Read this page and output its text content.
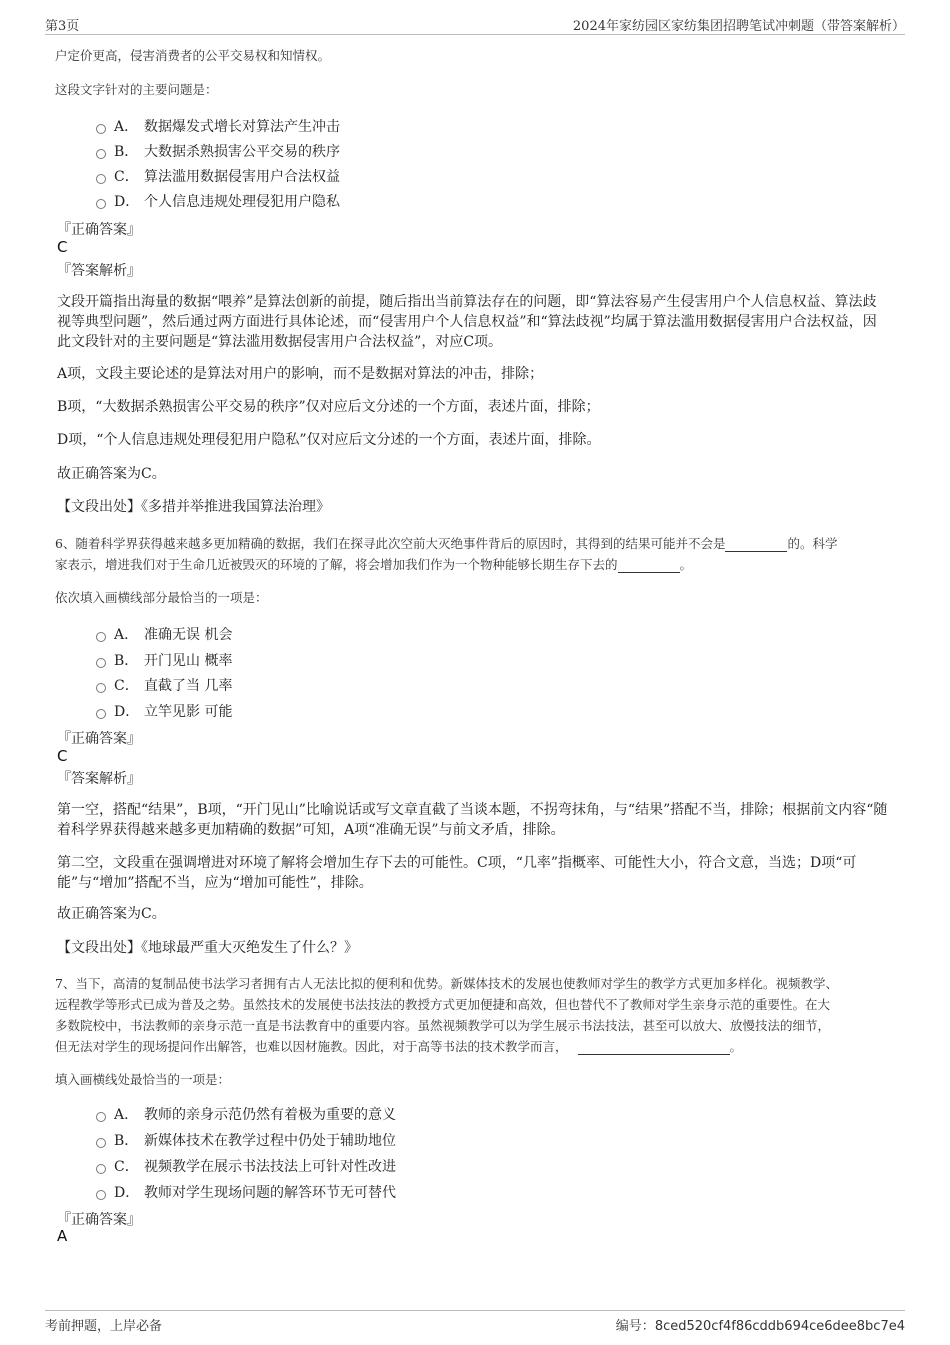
第3页	2024年家纺园区家纺集团招聘笔试冲刺题（带答案解析）
户定价更高，侵害消费者的公平交易权和知情权。
这段文字针对的主要问题是：
A． 数据爆发式增长对算法产生冲击
B． 大数据杀熟损害公平交易的秩序
C． 算法滥用数据侵害用户合法权益
D． 个人信息违规处理侵犯用户隐私
『正确答案』
C
『答案解析』
文段开篇指出海量的数据“喂养”是算法创新的前提，随后指出当前算法存在的问题，即“算法容易产生侵害用户个人信息权益、算法歧视等典型问题”，然后通过两方面进行具体论述，而“侵害用户个人信息权益”和“算法歧视”均属于算法滥用数据侵害用户合法权益，因此文段针对的主要问题是“算法滥用数据侵害用户合法权益”，对应C项。
A项，文段主要论述的是算法对用户的影响，而不是数据对算法的冲击，排除；
B项，“大数据杀熟损害公平交易的秩序”仅对应后文分述的一个方面，表述片面，排除；
D项，“个人信息违规处理侵犯用户隐私”仅对应后文分述的一个方面，表述片面，排除。
故正确答案为C。
【文段出处】《多措并举推进我国算法治理》
6、随着科学界获得越来越多更加精确的数据，我们在探寻此次空前大灭绝事件背后的原因时，其得到的结果可能并不会是	的。科学
家表示，增进我们对于生命几近被毁灭的环境的了解，将会增加我们作为一个物种能够长期生存下去的	。
依次填入画横线部分最恰当的一项是：
A． 准确无误 机会
B． 开门见山 概率
C． 直截了当 几率
D． 立竿见影 可能
『正确答案』
C
『答案解析』
第一空，搭配“结果”，B项，“开门见山”比喻说话或写文章直截了当谈本题，不拐弯抹角，与“结果”搭配不当，排除；根据前文内容“随着科学界获得越来越多更加精确的数据”可知，A项“准确无误”与前文矛盾，排除。
第二空，文段重在强调增进对环境了解将会增加生存下去的可能性。C项，“几率”指概率、可能性大小，符合文意，当选；D项“可能”与“增加”搭配不当，应为“增加可能性”，排除。
故正确答案为C。
【文段出处】《地球最严重大灭绝发生了什么？》
7、当下，高清的复制品使书法学习者拥有古人无法比拟的便利和优势。新媒体技术的发展也使教师对学生的教学方式更加多样化。视频教学、
远程教学等形式已成为普及之势。虽然技术的发展使书法技法的教授方式更加便捷和高效，但也替代不了教师对学生亲身示范的重要性。在大
多数院校中，书法教师的亲身示范一直是书法教育中的重要内容。虽然视频教学可以为学生展示书法技法，甚至可以放大、放慢技法的细节，
但无法对学生的现场提问作出解答，也难以因材施教。因此，对于高等书法的技术教学而言，	。
填入画横线处最恰当的一项是：
A． 教师的亲身示范仍然有着极为重要的意义
B． 新媒体技术在教学过程中仍处于辅助地位
C． 视频教学在展示书法技法上可针对性改进
D． 教师对学生现场问题的解答环节无可替代
『正确答案』
A
考前押题，上岸必备	编号：8ced520cf4f86cddb694ce6dee8bc7e4
